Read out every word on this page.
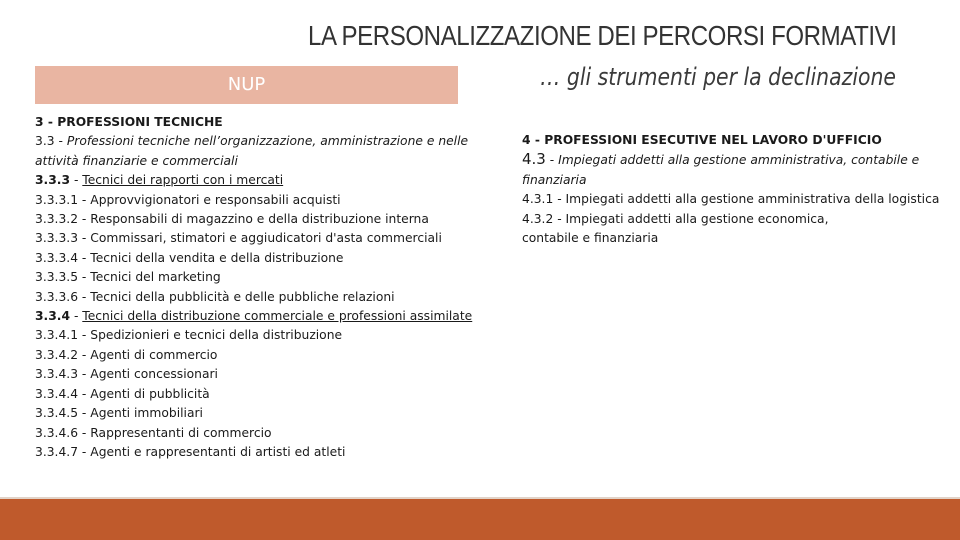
LA PERSONALIZZAZIONE DEI PERCORSI FORMATIVI
NUP	… gli strumenti per la declinazione
3 - PROFESSIONI TECNICHE
3.3 - Professioni tecniche nell’organizzazione, amministrazione e nelle attività finanziarie e commerciali
3.3.3 - Tecnici dei rapporti con i mercati
3.3.3.1 - Approvvigionatori e responsabili acquisti
3.3.3.2 - Responsabili di magazzino e della distribuzione interna
3.3.3.3 - Commissari, stimatori e aggiudicatori d'asta commerciali
3.3.3.4 - Tecnici della vendita e della distribuzione
3.3.3.5 - Tecnici del marketing
3.3.3.6 - Tecnici della pubblicità e delle pubbliche relazioni
3.3.4 - Tecnici della distribuzione commerciale e professioni assimilate
3.3.4.1 - Spedizionieri e tecnici della distribuzione
3.3.4.2 - Agenti di commercio
3.3.4.3 - Agenti concessionari
3.3.4.4 - Agenti di pubblicità
3.3.4.5 - Agenti immobiliari
3.3.4.6 - Rappresentanti di commercio
3.3.4.7 - Agenti e rappresentanti di artisti ed atleti
4 - PROFESSIONI ESECUTIVE NEL LAVORO D'UFFICIO
4.3 - Impiegati addetti alla gestione amministrativa, contabile e finanziaria
4.3.1 - Impiegati addetti alla gestione amministrativa della logistica
4.3.2 - Impiegati addetti alla gestione economica,
contabile e finanziaria
